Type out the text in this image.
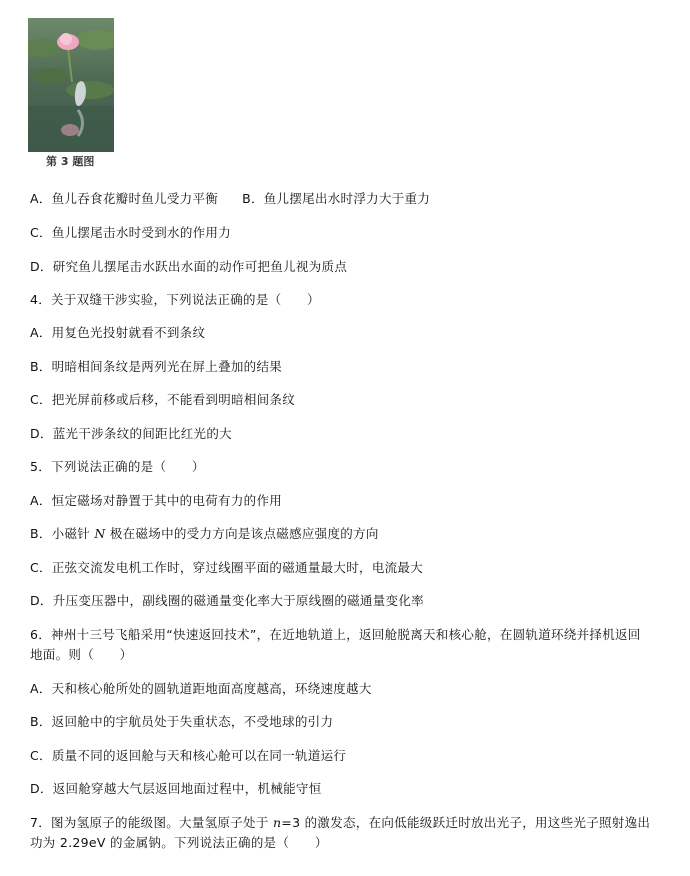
第 3 题图
A．鱼儿吞食花瓣时鱼儿受力平衡 B．鱼儿摆尾出水时浮力大于重力
C．鱼儿摆尾击水时受到水的作用力
D．研究鱼儿摆尾击水跃出水面的动作可把鱼儿视为质点
4．关于双缝干涉实验，下列说法正确的是（　　）
A．用复色光投射就看不到条纹
B．明暗相间条纹是两列光在屏上叠加的结果
C．把光屏前移或后移，不能看到明暗相间条纹
D．蓝光干涉条纹的间距比红光的大
5．下列说法正确的是（　　）
A．恒定磁场对静置于其中的电荷有力的作用
B．小磁针 N 极在磁场中的受力方向是该点磁感应强度的方向
C．正弦交流发电机工作时，穿过线圈平面的磁通量最大时，电流最大
D．升压变压器中，副线圈的磁通量变化率大于原线圈的磁通量变化率
6．神州十三号飞船采用“快速返回技术”，在近地轨道上，返回舱脱离天和核心舱，在圆轨道环绕并择机返回
地面。则（　　）
A．天和核心舱所处的圆轨道距地面高度越高，环绕速度越大
B．返回舱中的宇航员处于失重状态，不受地球的引力
C．质量不同的返回舱与天和核心舱可以在同一轨道运行
D．返回舱穿越大气层返回地面过程中，机械能守恒
7．图为氢原子的能级图。大量氢原子处于 n=3 的激发态，在向低能级跃迁时放出光子，用这些光子照射逸出
功为 2.29eV 的金属钠。下列说法正确的是（　　）
